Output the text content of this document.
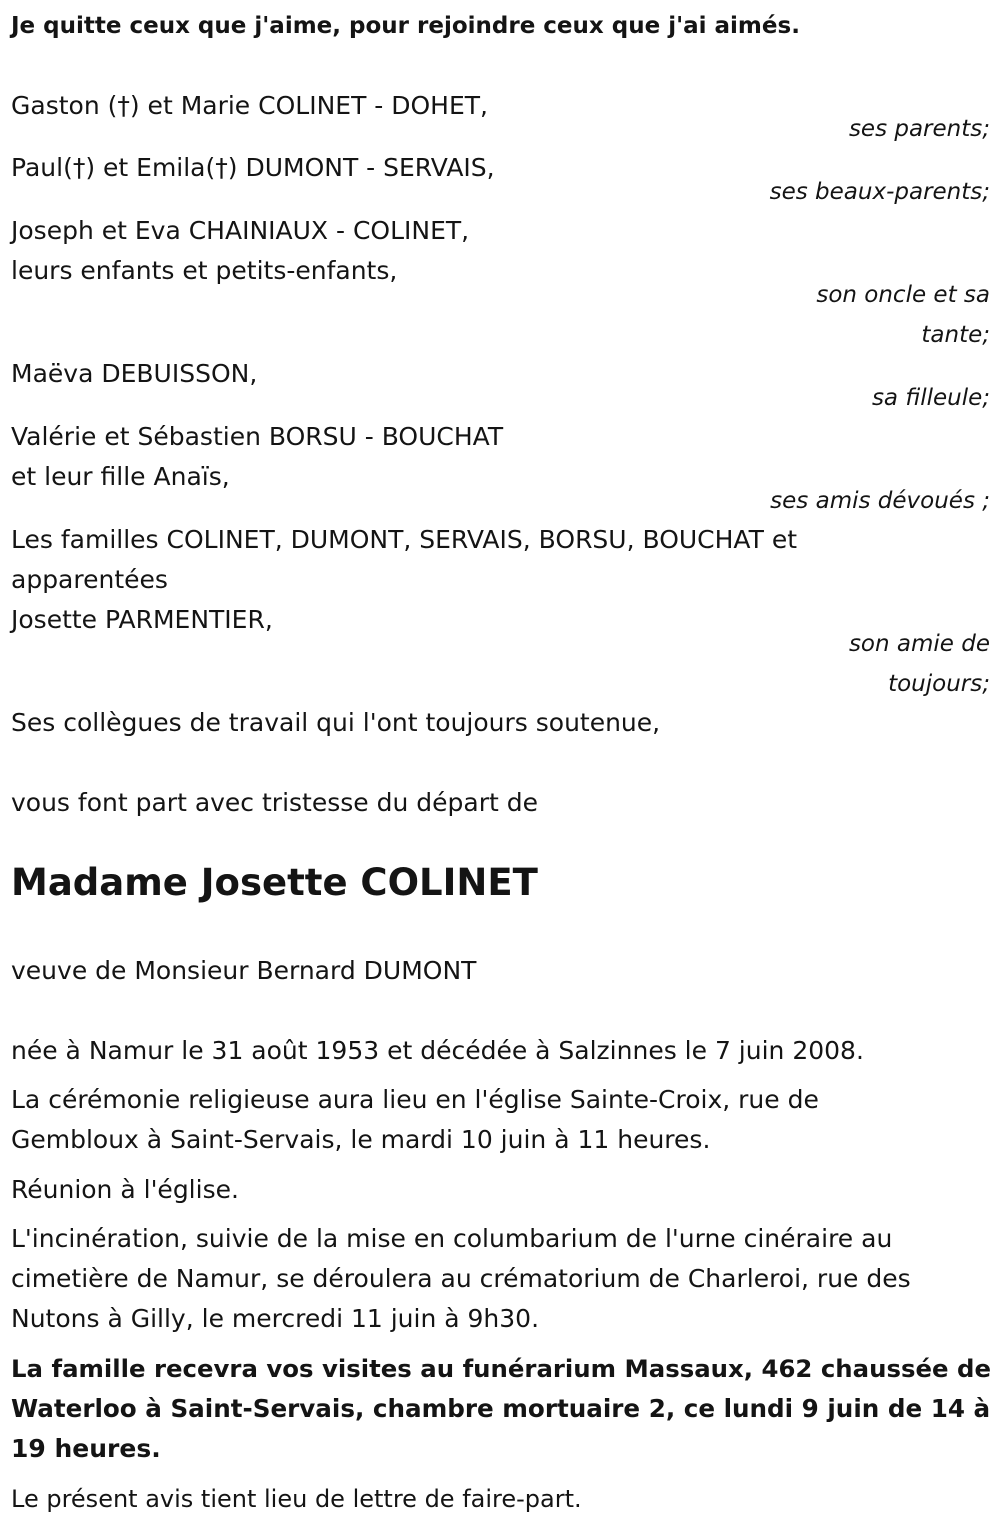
Je quitte ceux que j'aime, pour rejoindre ceux que j'ai aimés.
Gaston (†) et Marie COLINET - DOHET,
ses parents;
Paul(†) et Emila(†) DUMONT - SERVAIS,
ses beaux-parents;
Joseph et Eva CHAINIAUX - COLINET,
leurs enfants et petits-enfants,
son oncle et sa
tante;
Maëva DEBUISSON,
sa filleule;
Valérie et Sébastien BORSU - BOUCHAT
et leur fille Anaïs,
ses amis dévoués ;
Les familles COLINET, DUMONT, SERVAIS, BORSU, BOUCHAT et
apparentées
Josette PARMENTIER,
son amie de
toujours;
Ses collègues de travail qui l'ont toujours soutenue,
vous font part avec tristesse du départ de
Madame Josette COLINET
veuve de Monsieur Bernard DUMONT
née à Namur le 31 août 1953 et décédée à Salzinnes le 7 juin 2008.
La cérémonie religieuse aura lieu en l'église Sainte-Croix, rue de
Gembloux à Saint-Servais, le mardi 10 juin à 11 heures.
Réunion à l'église.
L'incinération, suivie de la mise en columbarium de l'urne cinéraire au
cimetière de Namur, se déroulera au crématorium de Charleroi, rue des
Nutons à Gilly, le mercredi 11 juin à 9h30.
La famille recevra vos visites au funérarium Massaux, 462 chaussée de
Waterloo à Saint-Servais, chambre mortuaire 2, ce lundi 9 juin de 14 à
19 heures.
Le présent avis tient lieu de lettre de faire-part.
